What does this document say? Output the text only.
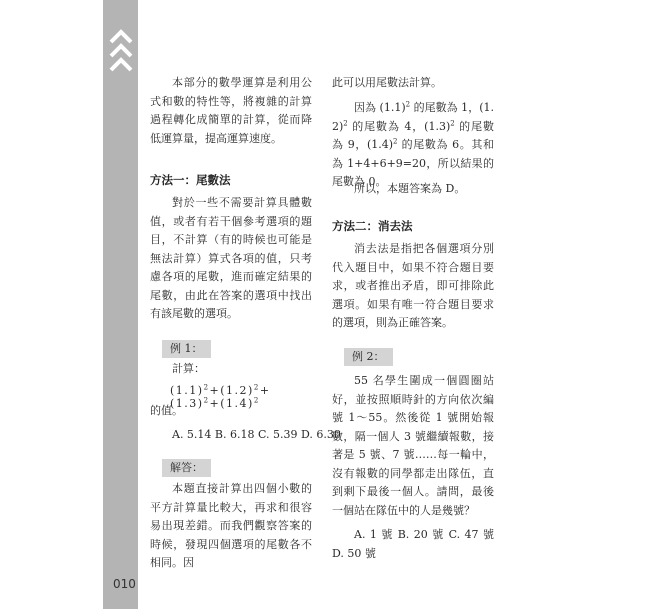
010

本部分的數學運算是利用公式和數的特性等，將複雜的計算過程轉化成簡單的計算，從而降低運算量，提高運算速度。

方法一：尾數法

對於一些不需要計算具體數值，或者有若干個參考選項的題目，不計算（有的時候也可能是無法計算）算式各項的值，只考慮各項的尾數，進而確定結果的尾數，由此在答案的選項中找出有該尾數的選項。

例 1：
計算：
$(1.1)^2+(1.2)^2+(1.3)^2+(1.4)^2$
的值。
A. 5.14 B. 6.18 C. 5.39 D. 6.30
解答：

本題直接計算出四個小數的平方計算量比較大，再求和很容易出現差錯。而我們觀察答案的時候，發現四個選項的尾數各不相同。因

此可以用尾數法計算。

因為 $(1.1)^2$ 的尾數為 1，$(1.2)^2$ 的尾數為 4，$(1.3)^2$ 的尾數為 9，$(1.4)^2$ 的尾數為 6。其和為 1+4+6+9=20，所以結果的尾數為 0。

所以，本題答案為 D。

方法二：消去法

消去法是指把各個選項分別代入題目中，如果不符合題目要求，或者推出矛盾，即可排除此選項。如果有唯一符合題目要求的選項，則為正確答案。

例 2：

55 名學生圍成一個圓圈站好，並按照順時針的方向依次編號 1～55。然後從 1 號開始報數，隔一個人 3 號繼續報數，接著是 5 號、7 號……每一輪中，沒有報數的同學都走出隊伍，直到剩下最後一個人。請問，最後一個站在隊伍中的人是幾號？

A. 1 號 B. 20 號 C. 47 號 D. 50 號
